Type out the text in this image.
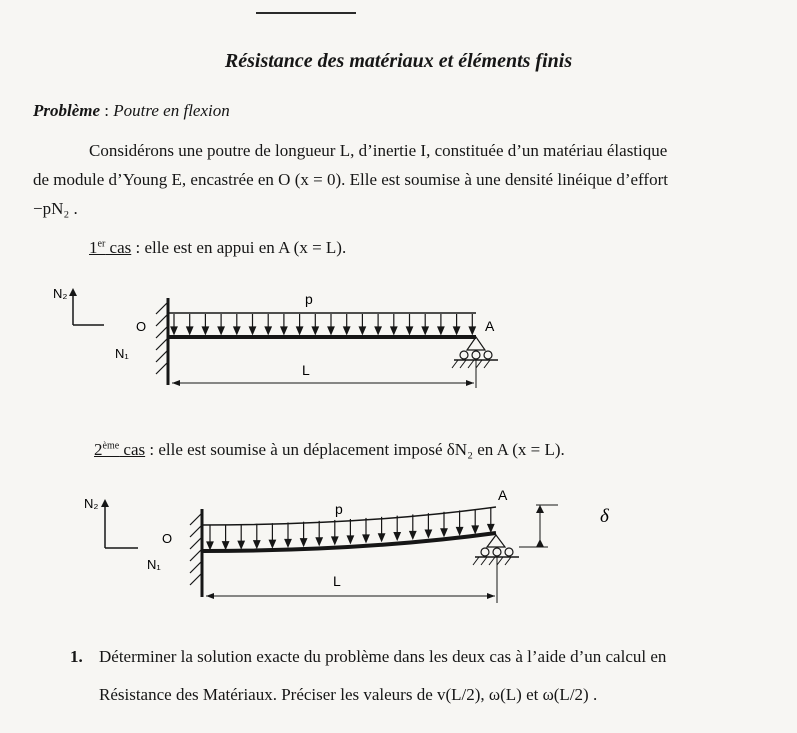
Résistance des matériaux et éléments finis
Problème : Poutre en flexion

Considérons une poutre de longueur L, d’inertie I, constituée d’un matériau élastique

de module d’Young E, encastrée en O (x = 0). Elle est soumise à une densité linéique d’effort

−pN₂ .

1er cas : elle est en appui en A (x = L).
N₂
N₁
O
p
A
L
2ème cas : elle est soumise à un déplacement imposé δN₂ en A (x = L).
N₂
N₁
O
p
A
δ
L
1. Déterminer la solution exacte du problème dans les deux cas à l’aide d’un calcul en
Résistance des Matériaux. Préciser les valeurs de v(L/2), ω(L) et ω(L/2) .
